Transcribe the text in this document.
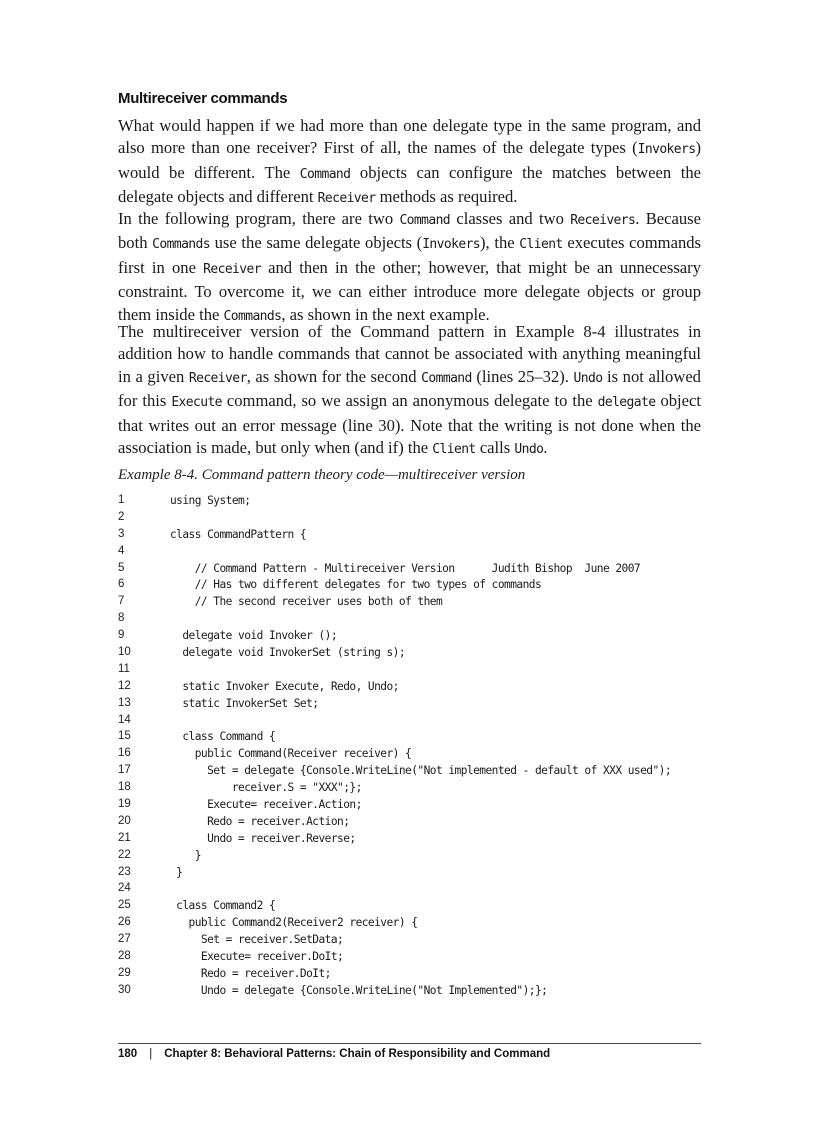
Multireceiver commands

What would happen if we had more than one delegate type in the same program, and also more than one receiver? First of all, the names of the delegate types (Invokers) would be different. The Command objects can configure the matches between the delegate objects and different Receiver methods as required.

In the following program, there are two Command classes and two Receivers. Because both Commands use the same delegate objects (Invokers), the Client executes commands first in one Receiver and then in the other; however, that might be an unnecessary constraint. To overcome it, we can either introduce more delegate objects or group them inside the Commands, as shown in the next example.

The multireceiver version of the Command pattern in Example 8-4 illustrates in addition how to handle commands that cannot be associated with anything meaningful in a given Receiver, as shown for the second Command (lines 25–32). Undo is not allowed for this Execute command, so we assign an anonymous delegate to the delegate object that writes out an error message (line 30). Note that the writing is not done when the association is made, but only when (and if) the Client calls Undo.

Example 8-4. Command pattern theory code—multireceiver version
1	using System;
2
3	class CommandPattern {
4
5	// Command Pattern - Multireceiver Version      Judith Bishop  June 2007
6	// Has two different delegates for two types of commands
7	// The second receiver uses both of them
8
9	delegate void Invoker ();
10	delegate void InvokerSet (string s);
11
12	static Invoker Execute, Redo, Undo;
13	static InvokerSet Set;
14
15	class Command {
16	public Command(Receiver receiver) {
17	Set = delegate {Console.WriteLine("Not implemented - default of XXX used");
18	receiver.S = "XXX";};
19	Execute= receiver.Action;
20	Redo = receiver.Action;
21	Undo = receiver.Reverse;
22	}
23	}
24
25	class Command2 {
26	public Command2(Receiver2 receiver) {
27	Set = receiver.SetData;
28	Execute= receiver.DoIt;
29	Redo = receiver.DoIt;
30	Undo = delegate {Console.WriteLine("Not Implemented");};
180 | Chapter 8: Behavioral Patterns: Chain of Responsibility and Command
